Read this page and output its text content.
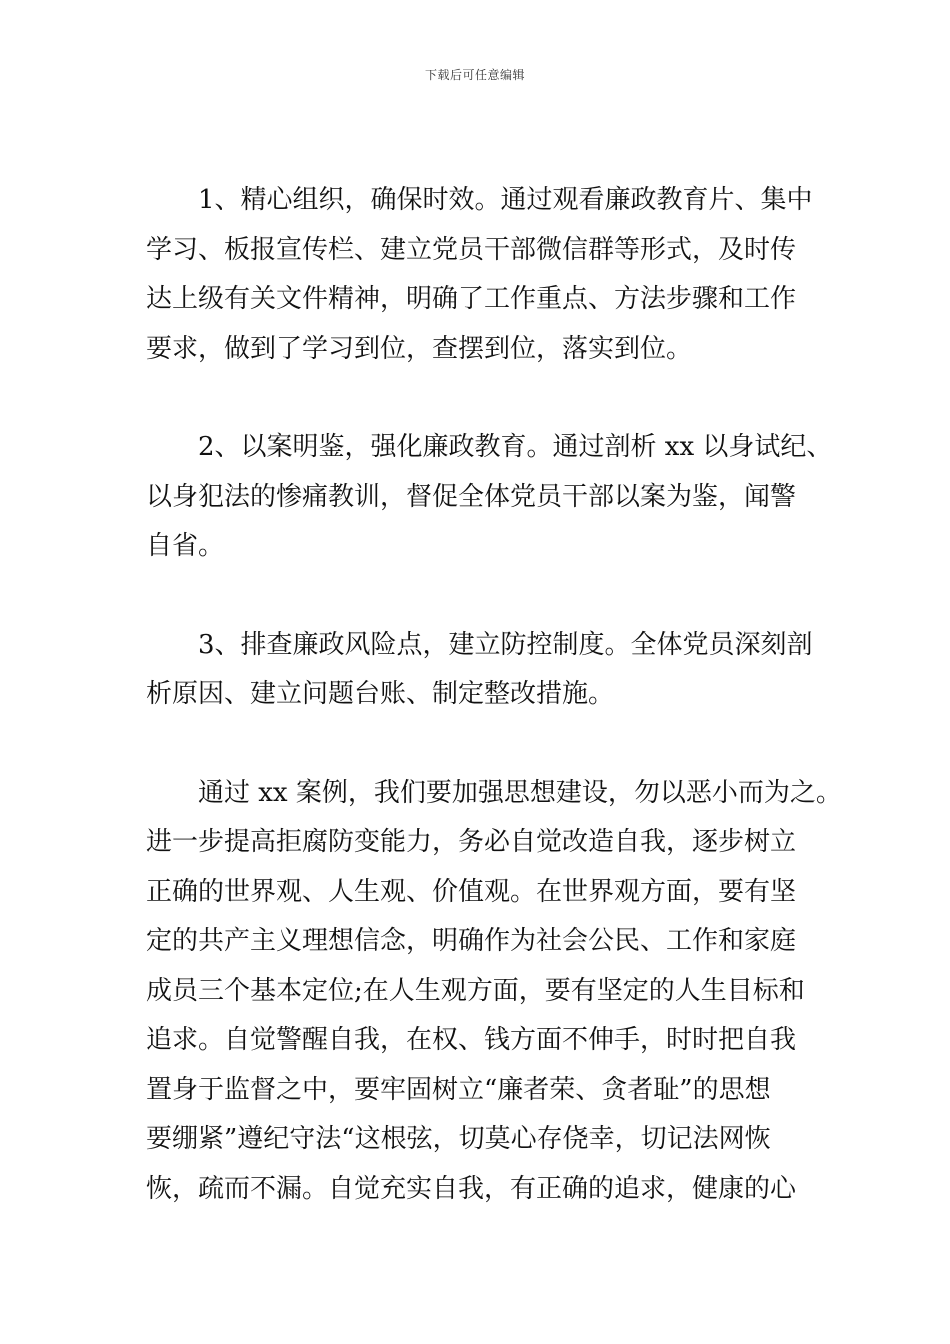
下载后可任意编辑
1、精心组织，确保时效。通过观看廉政教育片、集中
学习、板报宣传栏、建立党员干部微信群等形式，及时传
达上级有关文件精神，明确了工作重点、方法步骤和工作
要求，做到了学习到位，查摆到位，落实到位。
2、以案明鉴，强化廉政教育。通过剖析 xx 以身试纪、
以身犯法的惨痛教训，督促全体党员干部以案为鉴，闻警
自省。
3、排查廉政风险点，建立防控制度。全体党员深刻剖
析原因、建立问题台账、制定整改措施。
通过 xx 案例，我们要加强思想建设，勿以恶小而为之。
进一步提高拒腐防变能力，务必自觉改造自我，逐步树立
正确的世界观、人生观、价值观。在世界观方面，要有坚
定的共产主义理想信念，明确作为社会公民、工作和家庭
成员三个基本定位;在人生观方面，要有坚定的人生目标和
追求。自觉警醒自我，在权、钱方面不伸手，时时把自我
置身于监督之中，要牢固树立“廉者荣、贪者耻”的思想
要绷紧”遵纪守法“这根弦，切莫心存侥幸，切记法网恢
恢，疏而不漏。自觉充实自我，有正确的追求，健康的心
